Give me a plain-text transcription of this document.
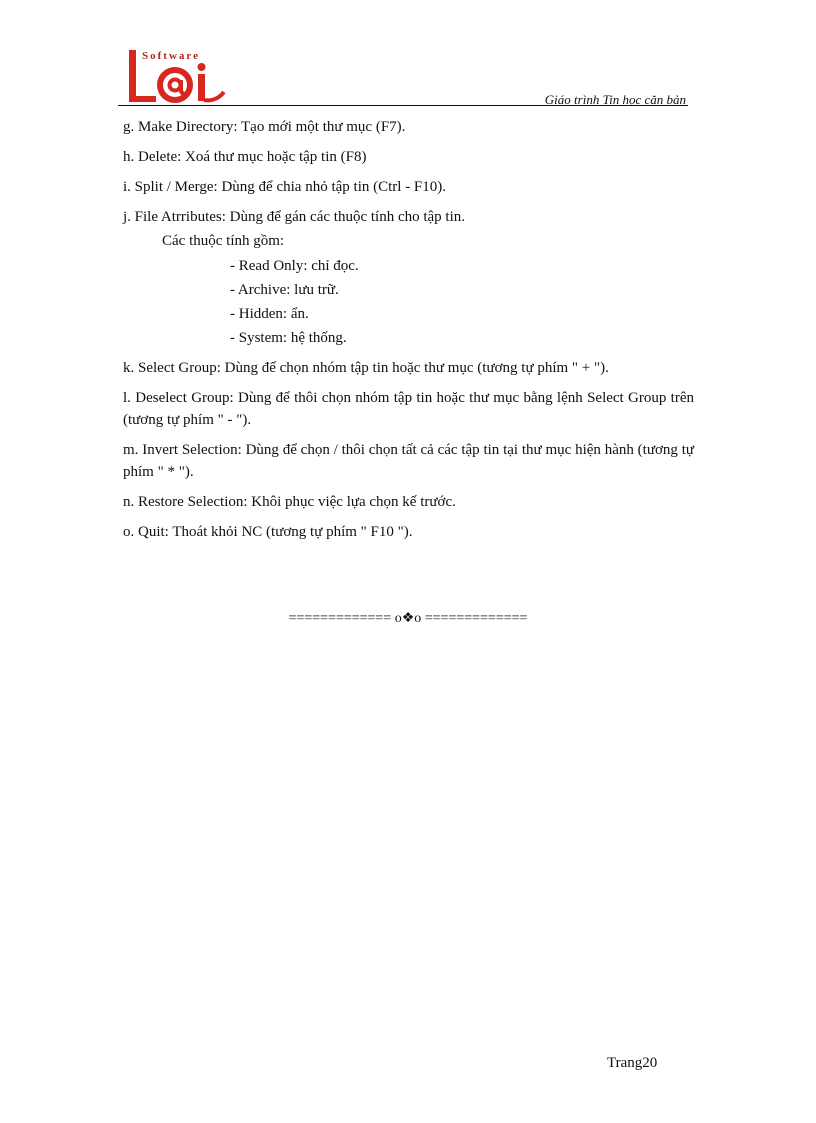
Software
Giáo trình Tin học căn bản

g. Make Directory: Tạo mới một thư mục (F7).

h. Delete: Xoá thư mục hoặc tập tin (F8)

i. Split / Merge: Dùng để chia nhỏ tập tin (Ctrl - F10).

j. File Atrributes: Dùng để gán các thuộc tính cho tập tin.

Các thuộc tính gồm:

- Read Only: chỉ đọc.
- Archive: lưu trữ.
- Hidden: ẩn.
- System: hệ thống.

k. Select Group: Dùng để chọn nhóm tập tin hoặc thư mục (tương tự phím " + ").

l. Deselect Group: Dùng để thôi chọn nhóm tập tin hoặc thư mục bằng lệnh Select Group trên (tương tự phím " - ").

m. Invert Selection: Dùng để chọn / thôi chọn tất cả các tập tin tại thư mục hiện hành (tương tự phím " * ").

n. Restore Selection: Khôi phục việc lựa chọn kế trước.

o. Quit: Thoát khỏi NC (tương tự phím " F10 ").

============= o❖o =============
Trang20
